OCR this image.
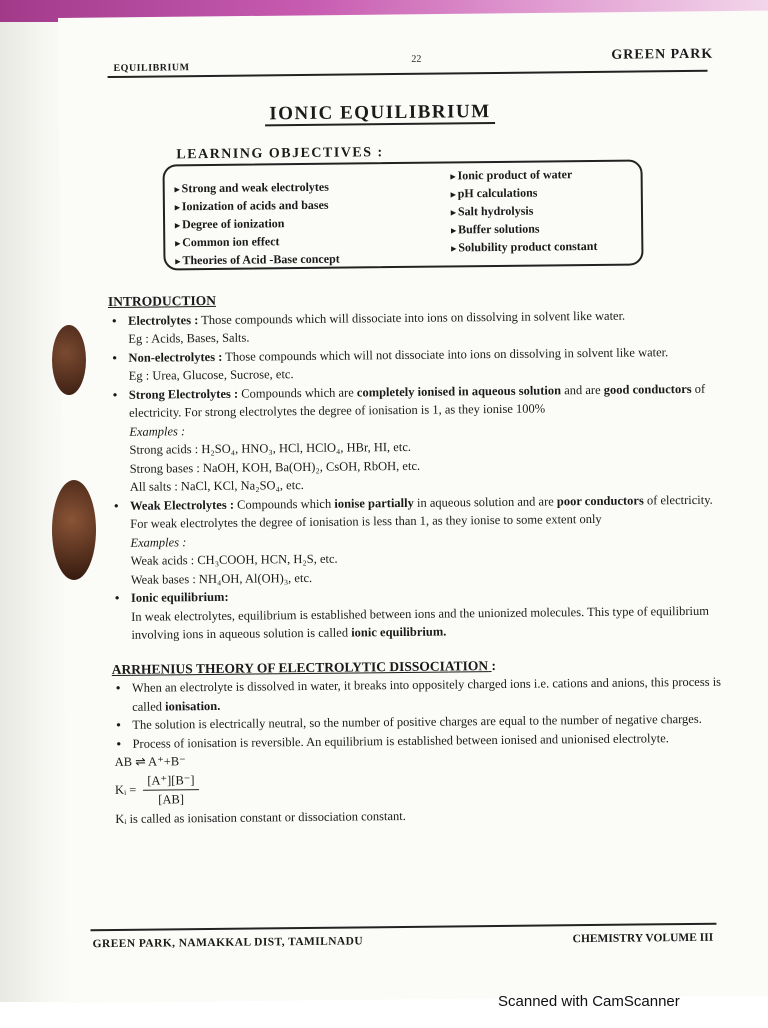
EQUILIBRIUM
22	GREEN PARK
IONIC EQUILIBRIUM
LEARNING OBJECTIVES :
► Strong and weak electrolytes
► Ionization of acids and bases
► Degree of ionization
► Common ion effect
► Theories of Acid -Base concept
► Ionic product of water
► pH calculations
► Salt hydrolysis
► Buffer solutions
► Solubility product constant

INTRODUCTION

• Electrolytes : Those compounds which will dissociate into ions on dissolving in solvent like water.

Eg : Acids, Bases, Salts.

• Non-electrolytes : Those compounds which will not dissociate into ions on dissolving in solvent like water.

Eg : Urea, Glucose, Sucrose, etc.

• Strong Electrolytes : Compounds which are completely ionised in aqueous solution and are good conductors of electricity. For strong electrolytes the degree of ionisation is 1, as they ionise 100%

Examples :

Strong acids : H₂SO₄, HNO₃, HCl, HClO₄, HBr, HI, etc.

Strong bases : NaOH, KOH, Ba(OH)₂, CsOH, RbOH, etc.

All salts : NaCl, KCl, Na₂SO₄, etc.

• Weak Electrolytes : Compounds which ionise partially in aqueous solution and are poor conductors of electricity. For weak electrolytes the degree of ionisation is less than 1, as they ionise to some extent only

Examples :

Weak acids : CH₃COOH, HCN, H₂S, etc.

Weak bases : NH₄OH, Al(OH)₃, etc.

• Ionic equilibrium:

In weak electrolytes, equilibrium is established between ions and the unionized molecules. This type of equilibrium involving ions in aqueous solution is called ionic equilibrium.

ARRHENIUS THEORY OF ELECTROLYTIC DISSOCIATION :

• When an electrolyte is dissolved in water, it breaks into oppositely charged ions i.e. cations and anions, this process is called ionisation.

• The solution is electrically neutral, so the number of positive charges are equal to the number of negative charges.

• Process of ionisation is reversible. An equilibrium is established between ionised and unionised electrolyte.

AB ⇌ A⁺+B⁻

Kᵢ = $\frac{[A^+][B^-]}{[AB]}$

Kᵢ is called as ionisation constant or dissociation constant.

GREEN PARK, NAMAKKAL DIST, TAMILNADU	CHEMISTRY VOLUME III
Scanned with CamScanner
